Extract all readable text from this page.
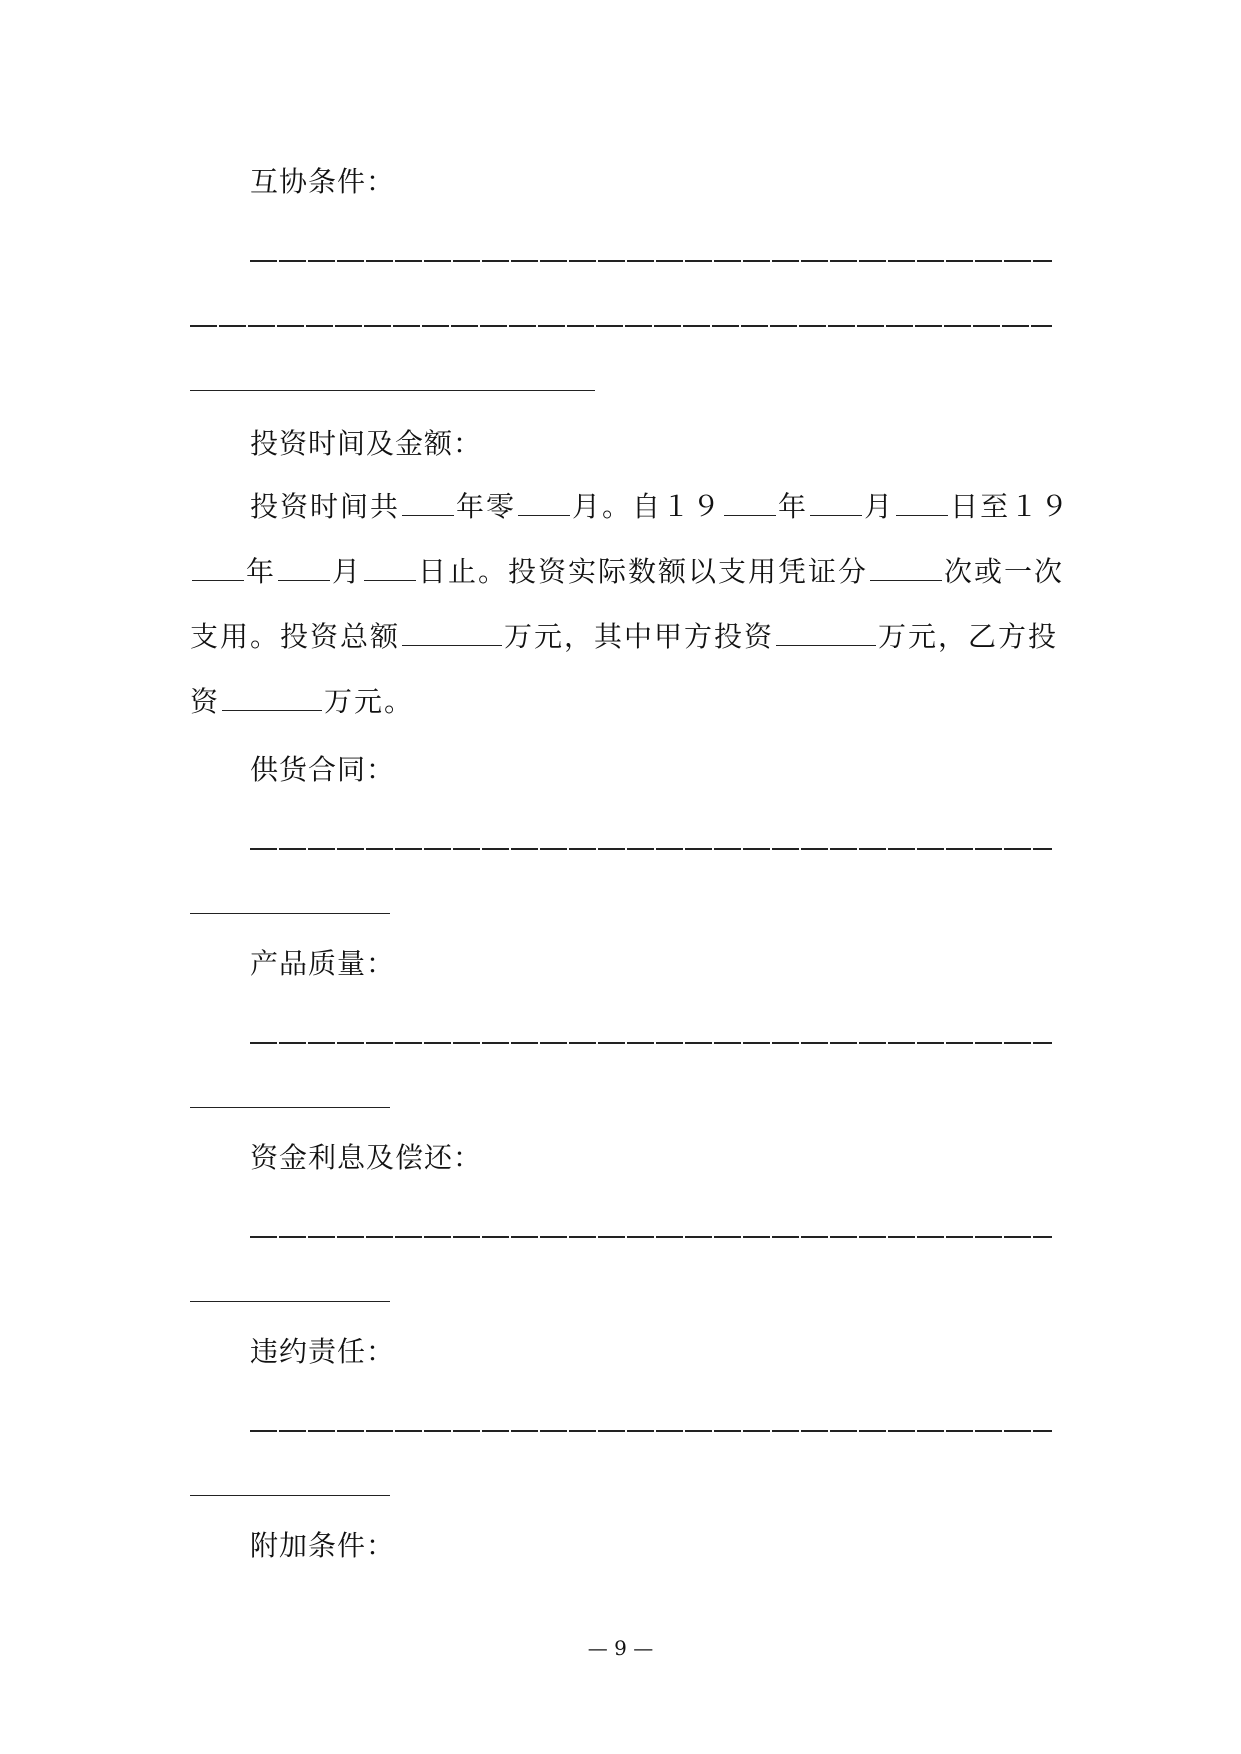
互协条件：
投资时间及金额：
投资时间共 年零 月。自１９ 年 月 日至１９
年 月 日止。投资实际数额以支用凭证分	次或一次
支用。投资总额	万元，其中甲方投资	万元，乙方投
资	万元。
供货合同：
产品质量：
资金利息及偿还：
违约责任：
附加条件：
— 9 —
